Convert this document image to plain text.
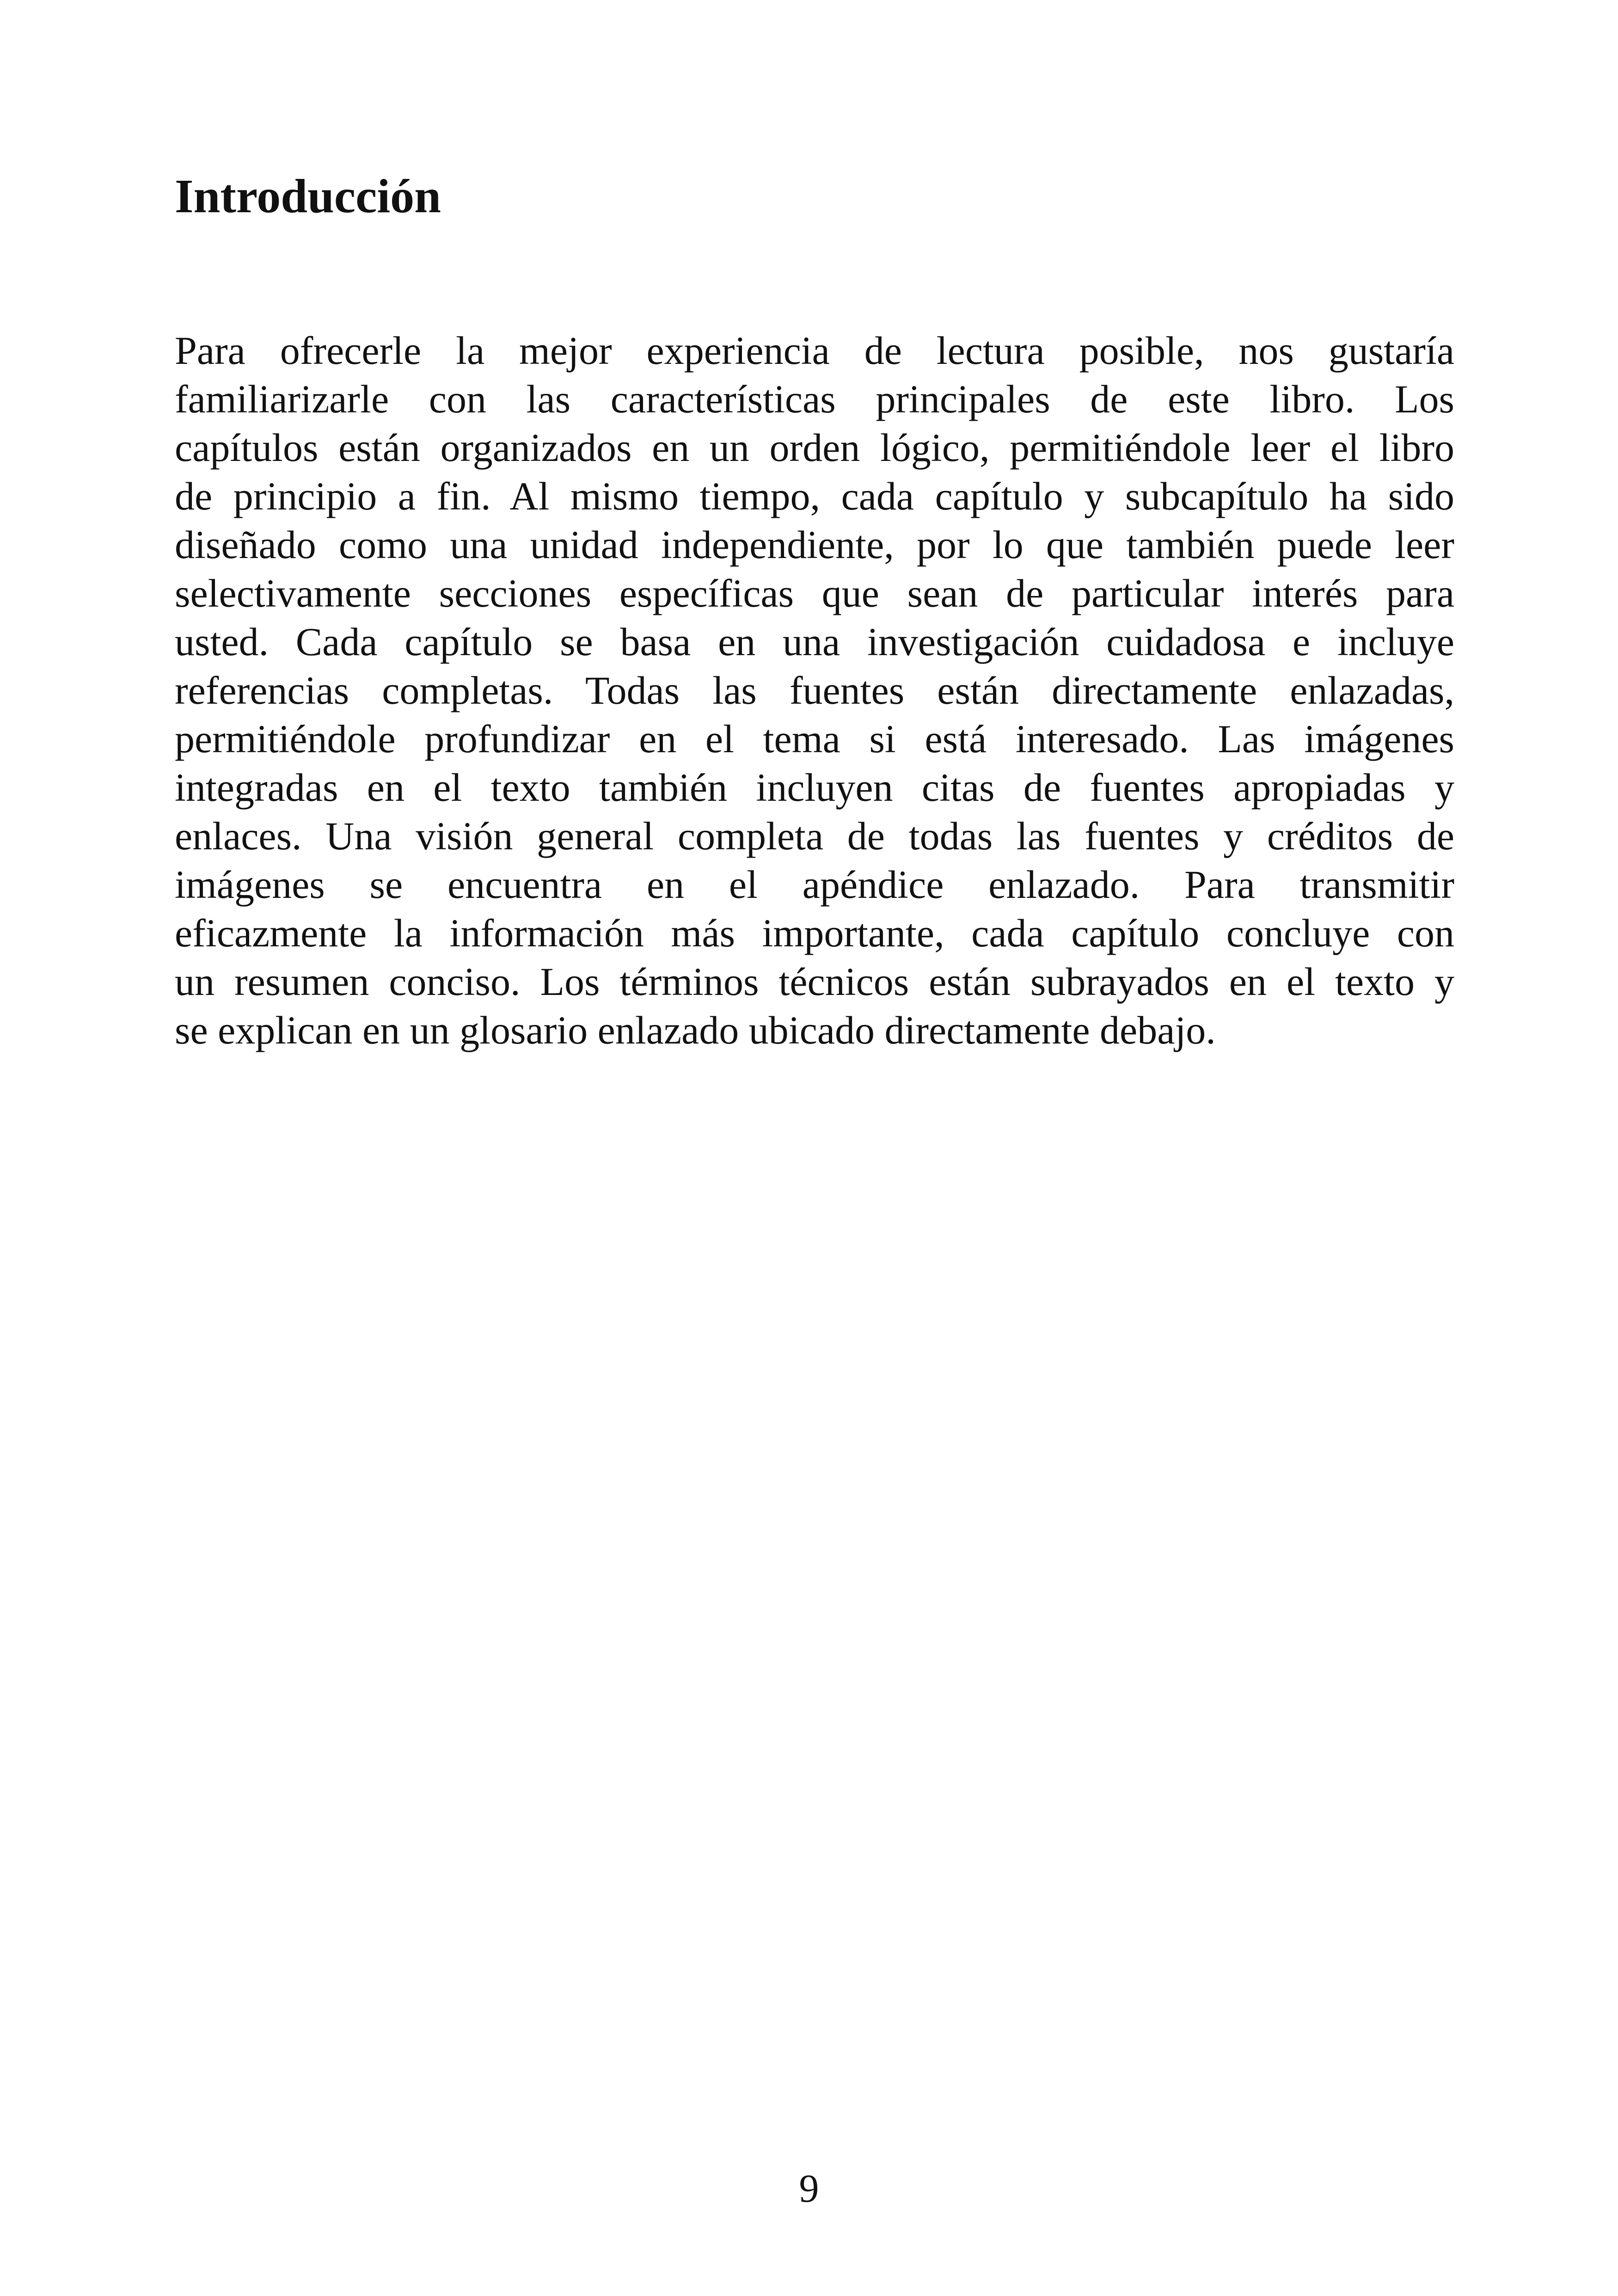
Introducción
Para ofrecerle la mejor experiencia de lectura posible, nos gustaría
familiarizarle con las características principales de este libro. Los
capítulos están organizados en un orden lógico, permitiéndole leer el libro
de principio a fin. Al mismo tiempo, cada capítulo y subcapítulo ha sido
diseñado como una unidad independiente, por lo que también puede leer
selectivamente secciones específicas que sean de particular interés para
usted. Cada capítulo se basa en una investigación cuidadosa e incluye
referencias completas. Todas las fuentes están directamente enlazadas,
permitiéndole profundizar en el tema si está interesado. Las imágenes
integradas en el texto también incluyen citas de fuentes apropiadas y
enlaces. Una visión general completa de todas las fuentes y créditos de
imágenes se encuentra en el apéndice enlazado. Para transmitir
eficazmente la información más importante, cada capítulo concluye con
un resumen conciso. Los términos técnicos están subrayados en el texto y
se explican en un glosario enlazado ubicado directamente debajo.
9
